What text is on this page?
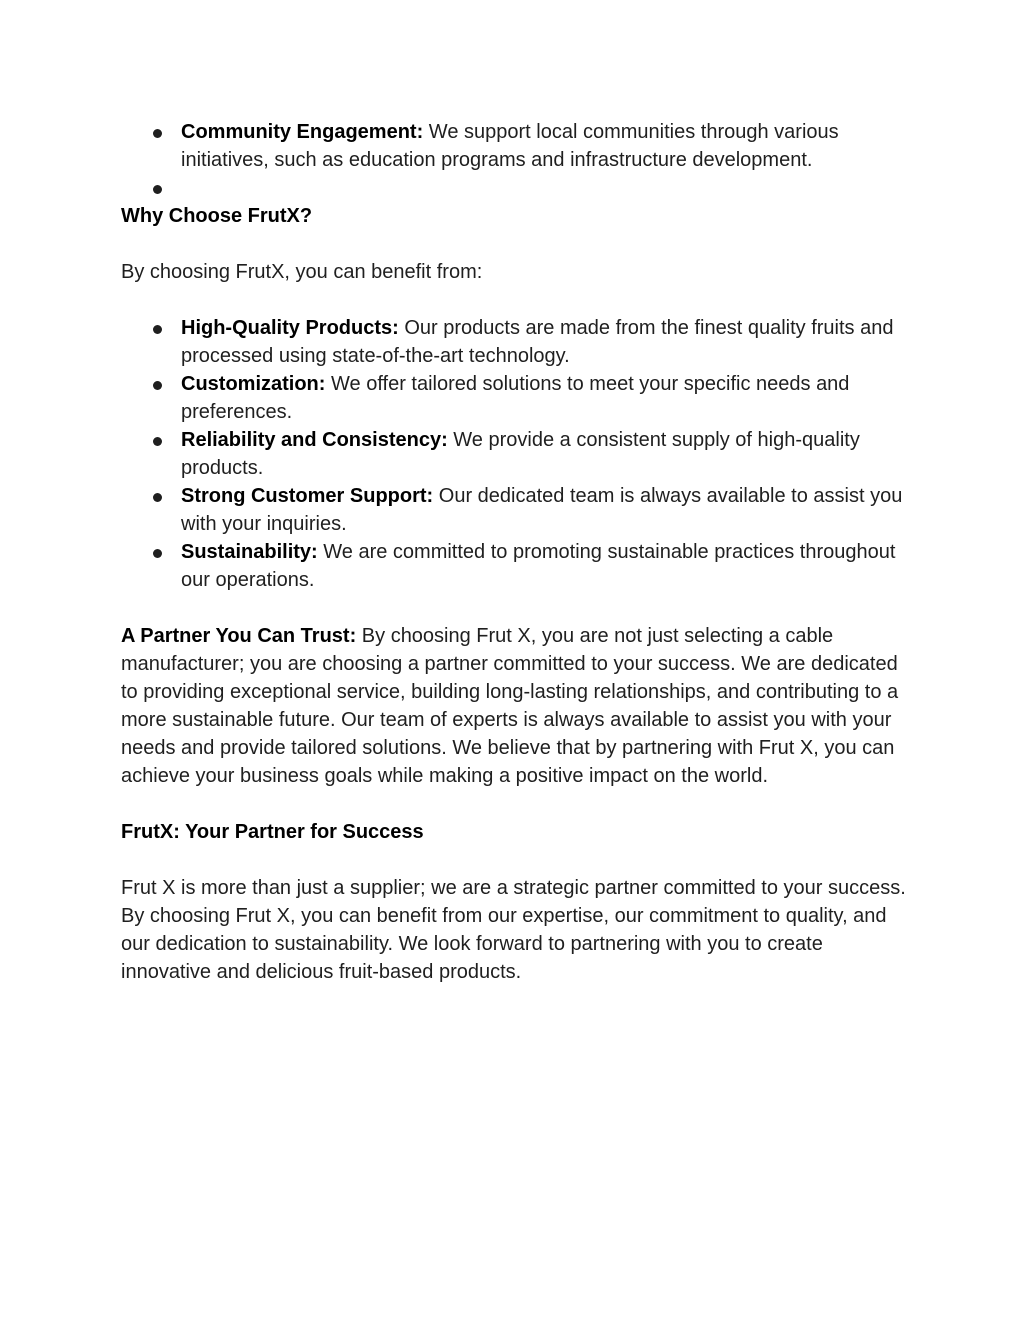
Community Engagement: We support local communities through various initiatives, such as education programs and infrastructure development.

Why Choose FrutX?

By choosing FrutX, you can benefit from:

High-Quality Products: Our products are made from the finest quality fruits and processed using state-of-the-art technology.
Customization: We offer tailored solutions to meet your specific needs and preferences.
Reliability and Consistency: We provide a consistent supply of high-quality products.
Strong Customer Support: Our dedicated team is always available to assist you with your inquiries.
Sustainability: We are committed to promoting sustainable practices throughout our operations.

A Partner You Can Trust: By choosing Frut X, you are not just selecting a cable manufacturer; you are choosing a partner committed to your success. We are dedicated to providing exceptional service, building long-lasting relationships, and contributing to a more sustainable future. Our team of experts is always available to assist you with your needs and provide tailored solutions. We believe that by partnering with Frut X, you can achieve your business goals while making a positive impact on the world.

FrutX: Your Partner for Success

Frut X is more than just a supplier; we are a strategic partner committed to your success. By choosing Frut X, you can benefit from our expertise, our commitment to quality, and our dedication to sustainability. We look forward to partnering with you to create innovative and delicious fruit-based products.
